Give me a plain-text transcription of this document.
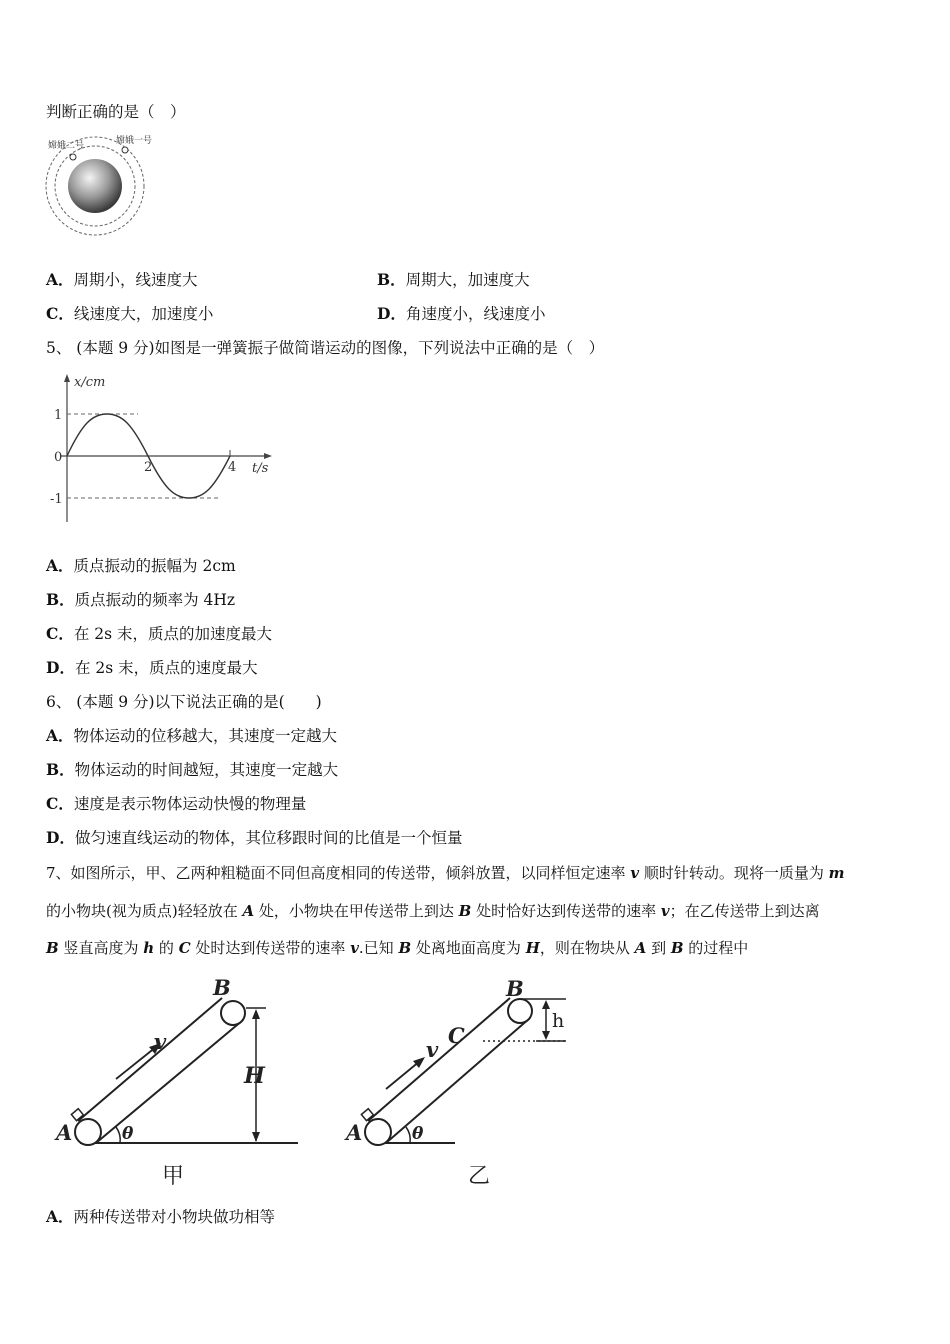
判断正确的是（　）
嫦娥二号	嫦娥一号
A．周期小，线速度大	B．周期大，加速度大
C．线速度大，加速度小	D．角速度小，线速度小
5、 (本题 9 分)如图是一弹簧振子做简谐运动的图像，下列说法中正确的是（　）
x/cm
t/s
1
0
-1
2	4
A．质点振动的振幅为 2cm
B．质点振动的频率为 4Hz
C．在 2s 末，质点的加速度最大
D．在 2s 末，质点的速度最大
6、 (本题 9 分)以下说法正确的是(　　)
A．物体运动的位移越大，其速度一定越大
B．物体运动的时间越短，其速度一定越大
C．速度是表示物体运动快慢的物理量
D．做匀速直线运动的物体，其位移跟时间的比值是一个恒量
7、如图所示，甲、乙两种粗糙面不同但高度相同的传送带，倾斜放置，以同样恒定速率 v 顺时针转动。现将一质量为 m
的小物块(视为质点)轻轻放在 A 处，小物块在甲传送带上到达 B 处时恰好达到传送带的速率 v；在乙传送带上到达离
B 竖直高度为 h 的 C 处时达到传送带的速率 v.已知 B 处离地面高度为 H，则在物块从 A 到 B 的过程中
B
A
v
H
θ
甲
B
C
A
v
h
θ
乙
A．两种传送带对小物块做功相等
